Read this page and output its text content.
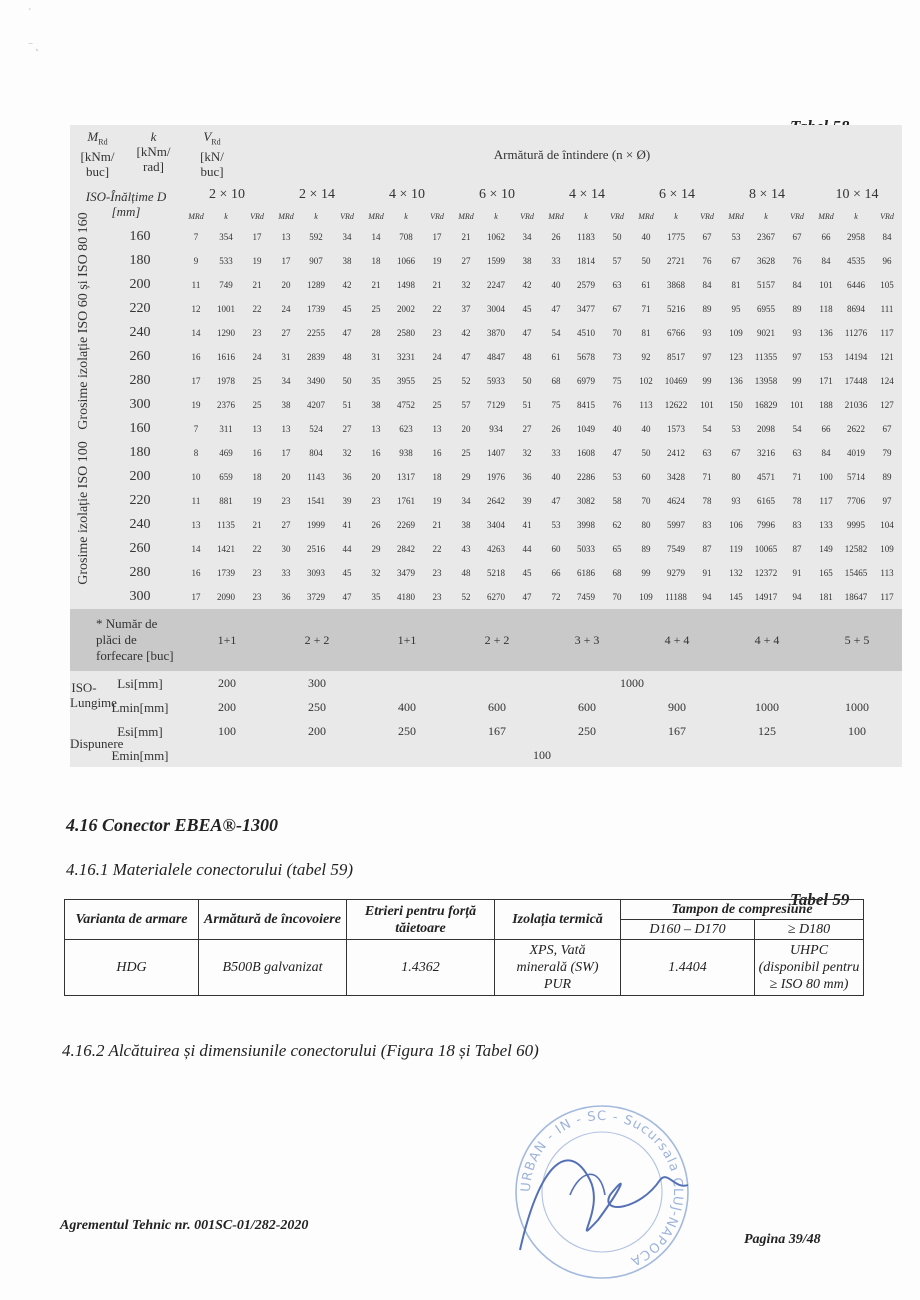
´

⁻ ˛
$M_{Rd}$
[kNm/ buc]
k
[kNm/ rad]		$V_{Rd}$
[kN/ buc]		Armătură de întindere (n × Ø)																					
ISO-Înălțime D [mm]		2 × 10			2 × 14			4 × 10			6 × 10			4 × 14			6 × 14			8 × 14			10 × 14		
		MRd	k	VRd	MRd	k	VRd	MRd	k	VRd	MRd	k	VRd	MRd	k	VRd	MRd	k	VRd	MRd	k	VRd	MRd	k	VRd

Grosime izolație ISO 60 și ISO 80 160	160	7	354	17	13	592	34	14	708	17	21	1062	34	26	1183	50	40	1775	67	53	2367	67	66	2958	84
	180	9	533	19	17	907	38	18	1066	19	27	1599	38	33	1814	57	50	2721	76	67	3628	76	84	4535	96
	200	11	749	21	20	1289	42	21	1498	21	32	2247	42	40	2579	63	61	3868	84	81	5157	84	101	6446	105
	220	12	1001	22	24	1739	45	25	2002	22	37	3004	45	47	3477	67	71	5216	89	95	6955	89	118	8694	111
	240	14	1290	23	27	2255	47	28	2580	23	42	3870	47	54	4510	70	81	6766	93	109	9021	93	136	11276	117
	260	16	1616	24	31	2839	48	31	3231	24	47	4847	48	61	5678	73	92	8517	97	123	11355	97	153	14194	121
	280	17	1978	25	34	3490	50	35	3955	25	52	5933	50	68	6979	75	102	10469	99	136	13958	99	171	17448	124
	300	19	2376	25	38	4207	51	38	4752	25	57	7129	51	75	8415	76	113	12622	101	150	16829	101	188	21036	127

Grosime izolație ISO 100	160	7	311	13	13	524	27	13	623	13	20	934	27	26	1049	40	40	1573	54	53	2098	54	66	2622	67
	180	8	469	16	17	804	32	16	938	16	25	1407	32	33	1608	47	50	2412	63	67	3216	63	84	4019	79
	200	10	659	18	20	1143	36	20	1317	18	29	1976	36	40	2286	53	60	3428	71	80	4571	71	100	5714	89
	220	11	881	19	23	1541	39	23	1761	19	34	2642	39	47	3082	58	70	4624	78	93	6165	78	117	7706	97
	240	13	1135	21	27	1999	41	26	2269	21	38	3404	41	53	3998	62	80	5997	83	106	7996	83	133	9995	104
	260	14	1421	22	30	2516	44	29	2842	22	43	4263	44	60	5033	65	89	7549	87	119	10065	87	149	12582	109
	280	16	1739	23	33	3093	45	32	3479	23	48	5218	45	66	6186	68	99	9279	91	132	12372	91	165	15465	113
	300	17	2090	23	36	3729	47	35	4180	23	52	6270	47	72	7459	70	109	11188	94	145	14917	94	181	18647	117
* Număr de plăci de forfecare [buc]		1+1			2 + 2			1+1			2 + 2			3 + 3			4 + 4			4 + 4			5 + 5		
ISO- Lungime	Lsi[mm]	200			300			1000																	
	Lmin[mm]	200			250			400			600			600			900			1000			1000		
Dispunere	Esi[mm]	100			200			250			167			250			167			125			100		
	Emin[mm]	100																							
4.16 Conector EBEA®-1300
4.16.1 Materialele conectorului (tabel 59)
Tabel 59
Varianta de armare	Armătură de încovoiere	Etrieri pentru forță tăietoare	Izolația termică	Tampon de compresiune	
				D160 – D170	≥ D180
HDG	B500B galvanizat	1.4362	XPS, Vată minerală (SW) PUR	1.4404	UHPC (disponibil pentru ≥ ISO 80 mm)
4.16.2 Alcătuirea și dimensiunile conectorului (Figura 18 și Tabel 60)
Agrementul Tehnic nr. 001SC-01/282-2020
Pagina 39/48
URBAN - IN - SC - Sucursala CLUJ-NAPOCA
